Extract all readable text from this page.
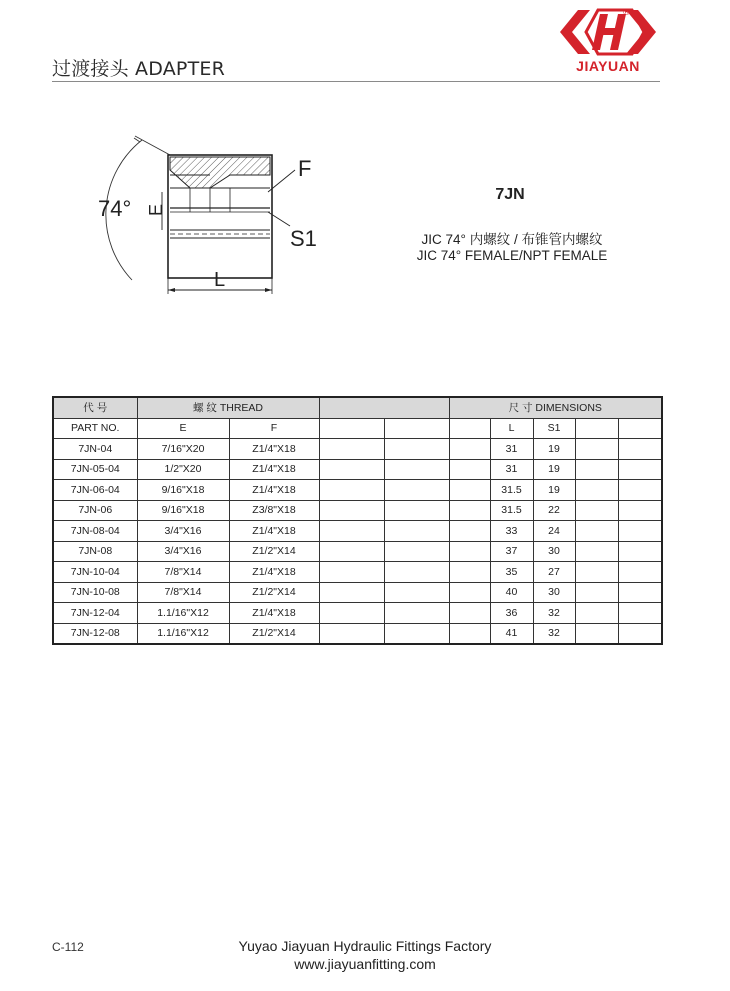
过渡接头 ADAPTER
®
JIAYUAN
74° E
F
S1
L
7JN
JIC 74° 内螺纹 / 布锥管内螺纹
JIC 74° FEMALE/NPT FEMALE
代 号	螺 纹 THREAD				尺 寸 DIMENSIONS				
PART NO.	E	F				L	S1		
7JN-04	7/16"X20	Z1/4"X18				31	19		
7JN-05-04	1/2"X20	Z1/4"X18				31	19		
7JN-06-04	9/16"X18	Z1/4"X18				31.5	19		
7JN-06	9/16"X18	Z3/8"X18				31.5	22		
7JN-08-04	3/4"X16	Z1/4"X18				33	24		
7JN-08	3/4"X16	Z1/2"X14				37	30		
7JN-10-04	7/8"X14	Z1/4"X18				35	27		
7JN-10-08	7/8"X14	Z1/2"X14				40	30		
7JN-12-04	1.1/16"X12	Z1/4"X18				36	32		
7JN-12-08	1.1/16"X12	Z1/2"X14				41	32		
C-112	Yuyao Jiayuan Hydraulic Fittings Factory
www.jiayuanfitting.com
